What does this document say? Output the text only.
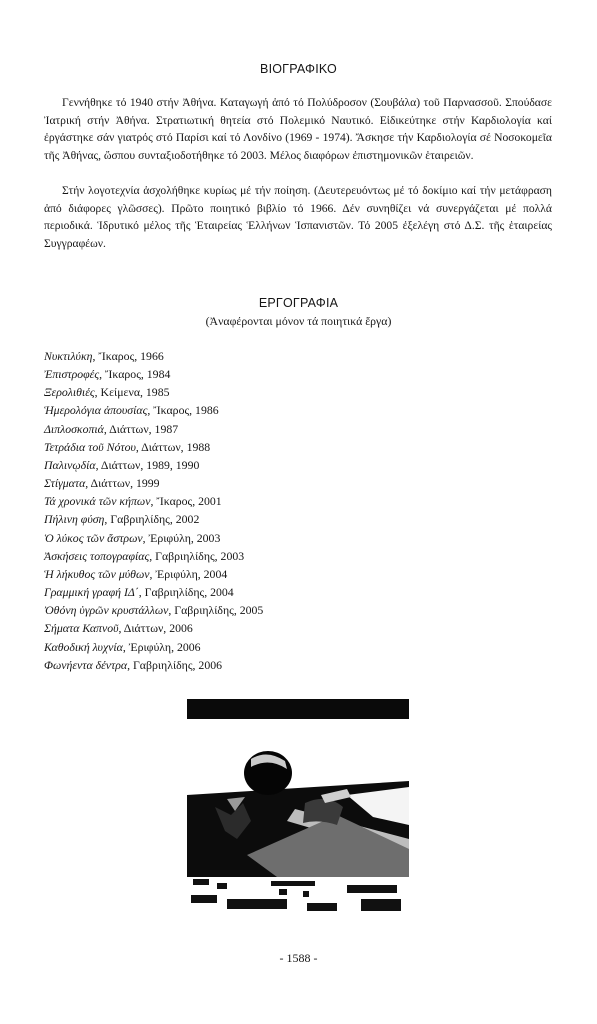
ΒΙΟΓΡΑΦΙΚΟ

Γεννήθηκε τό 1940 στήν Ἀθήνα. Καταγωγή ἀπό τό Πολύδροσον (Σουβάλα) τοῦ Παρνασσοῦ. Σπούδασε Ἰατρική στήν Ἀθήνα. Στρατιωτική θητεία στό Πολεμικό Ναυτικό. Εἰδικεύτηκε στήν Καρδιολογία καί ἐργάστηκε σάν γιατρός στό Παρίσι καί τό Λονδίνο (1969 - 1974). Ἄσκησε τήν Καρδιολογία σέ Νοσοκομεῖα τῆς Ἀθήνας, ὥσπου συνταξιοδοτήθηκε τό 2003. Μέλος διαφόρων ἐπιστημονικῶν ἑταιρειῶν.

Στήν λογοτεχνία ἀσχολήθηκε κυρίως μέ τήν ποίηση. (Δευτερευόντως μέ τό δοκίμιο καί τήν μετάφραση ἀπό διάφορες γλῶσσες). Πρῶτο ποιητικό βιβλίο τό 1966. Δέν συνηθίζει νά συνεργάζεται μέ πολλά περιοδικά. Ἱδρυτικό μέλος τῆς Ἑταιρείας Ἑλλήνων Ἱσπανιστῶν. Τό 2005 ἐξελέγη στό Δ.Σ. τῆς ἑταιρείας Συγγραφέων.

ΕΡΓΟΓΡΑΦΙΑ
(Ἀναφέρονται μόνον τά ποιητικά ἔργα)
Νυκτιλύκη, Ἴκαρος, 1966
Ἐπιστροφές, Ἴκαρος, 1984
Ξερολιθιές, Κείμενα, 1985
Ἡμερολόγια ἀπουσίας, Ἴκαρος, 1986
Διπλοσκοπιά, Διάττων, 1987
Τετράδια τοῦ Νότου, Διάττων, 1988
Παλινῳδία, Διάττων, 1989, 1990
Στίγματα, Διάττων, 1999
Τά χρονικά τῶν κήπων, Ἴκαρος, 2001
Πήλινη φύση, Γαβριηλίδης, 2002
Ὁ λύκος τῶν ἄστρων, Ἐριφύλη, 2003
Ἀσκήσεις τοπογραφίας, Γαβριηλίδης, 2003
Ἡ λήκυθος τῶν μύθων, Ἐριφύλη, 2004
Γραμμική γραφή ΙΔ΄, Γαβριηλίδης, 2004
Ὀθόνη ὑγρῶν κρυστάλλων, Γαβριηλίδης, 2005
Σήματα Καπνοῦ, Διάττων, 2006
Καθοδική λυχνία, Ἐριφύλη, 2006
Φωνήεντα δέντρα, Γαβριηλίδης, 2006
- 1588 -
